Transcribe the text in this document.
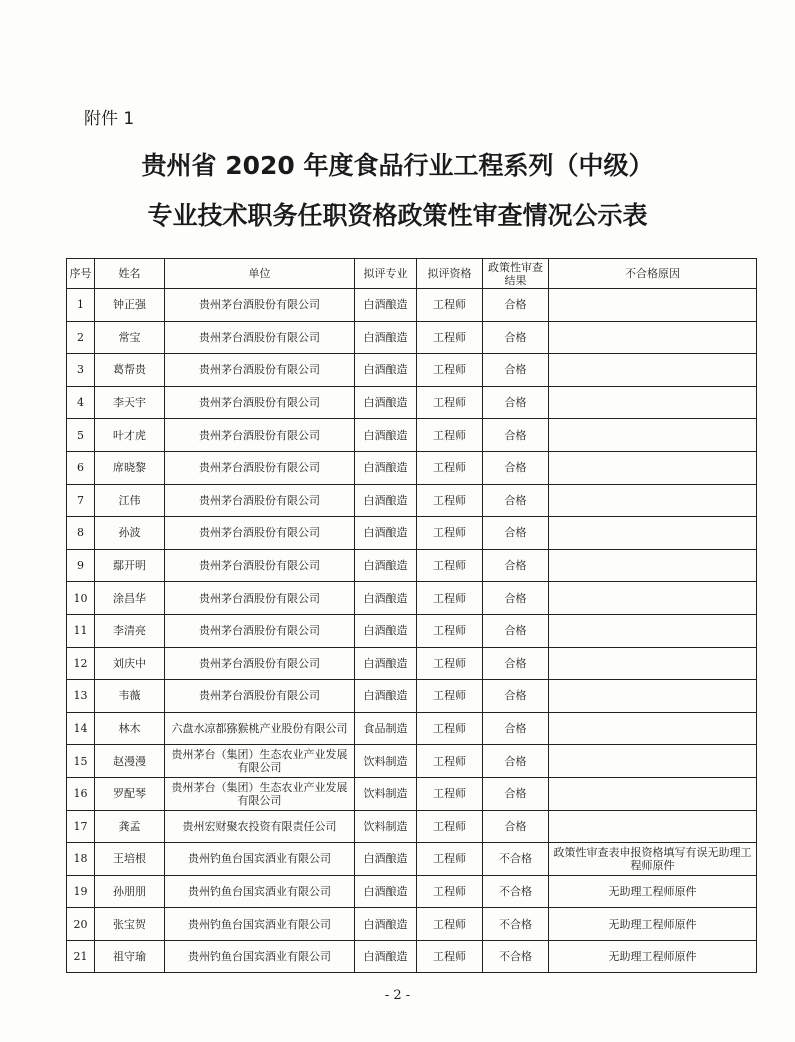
附件 1
贵州省 2020 年度食品行业工程系列（中级）
专业技术职务任职资格政策性审查情况公示表
序号	姓名	单位	拟评专业	拟评资格	政策性审查结果	不合格原因
1	钟正强	贵州茅台酒股份有限公司	白酒酿造	工程师	合格	
2	常宝	贵州茅台酒股份有限公司	白酒酿造	工程师	合格	
3	葛帮贵	贵州茅台酒股份有限公司	白酒酿造	工程师	合格	
4	李天宇	贵州茅台酒股份有限公司	白酒酿造	工程师	合格	
5	叶才虎	贵州茅台酒股份有限公司	白酒酿造	工程师	合格	
6	席晓黎	贵州茅台酒股份有限公司	白酒酿造	工程师	合格	
7	江伟	贵州茅台酒股份有限公司	白酒酿造	工程师	合格	
8	孙波	贵州茅台酒股份有限公司	白酒酿造	工程师	合格	
9	鄢开明	贵州茅台酒股份有限公司	白酒酿造	工程师	合格	
10	涂昌华	贵州茅台酒股份有限公司	白酒酿造	工程师	合格	
11	李清亮	贵州茅台酒股份有限公司	白酒酿造	工程师	合格	
12	刘庆中	贵州茅台酒股份有限公司	白酒酿造	工程师	合格	
13	韦薇	贵州茅台酒股份有限公司	白酒酿造	工程师	合格	
14	林木	六盘水凉都猕猴桃产业股份有限公司	食品制造	工程师	合格	
15	赵漫漫	贵州茅台（集团）生态农业产业发展有限公司	饮料制造	工程师	合格	
16	罗配琴	贵州茅台（集团）生态农业产业发展有限公司	饮料制造	工程师	合格	
17	龚孟	贵州宏财聚农投资有限责任公司	饮料制造	工程师	合格	
18	王培根	贵州钓鱼台国宾酒业有限公司	白酒酿造	工程师	不合格	政策性审查表申报资格填写有误无助理工程师原件
19	孙朋朋	贵州钓鱼台国宾酒业有限公司	白酒酿造	工程师	不合格	无助理工程师原件
20	张宝贺	贵州钓鱼台国宾酒业有限公司	白酒酿造	工程师	不合格	无助理工程师原件
21	祖守瑜	贵州钓鱼台国宾酒业有限公司	白酒酿造	工程师	不合格	无助理工程师原件
- 2 -
